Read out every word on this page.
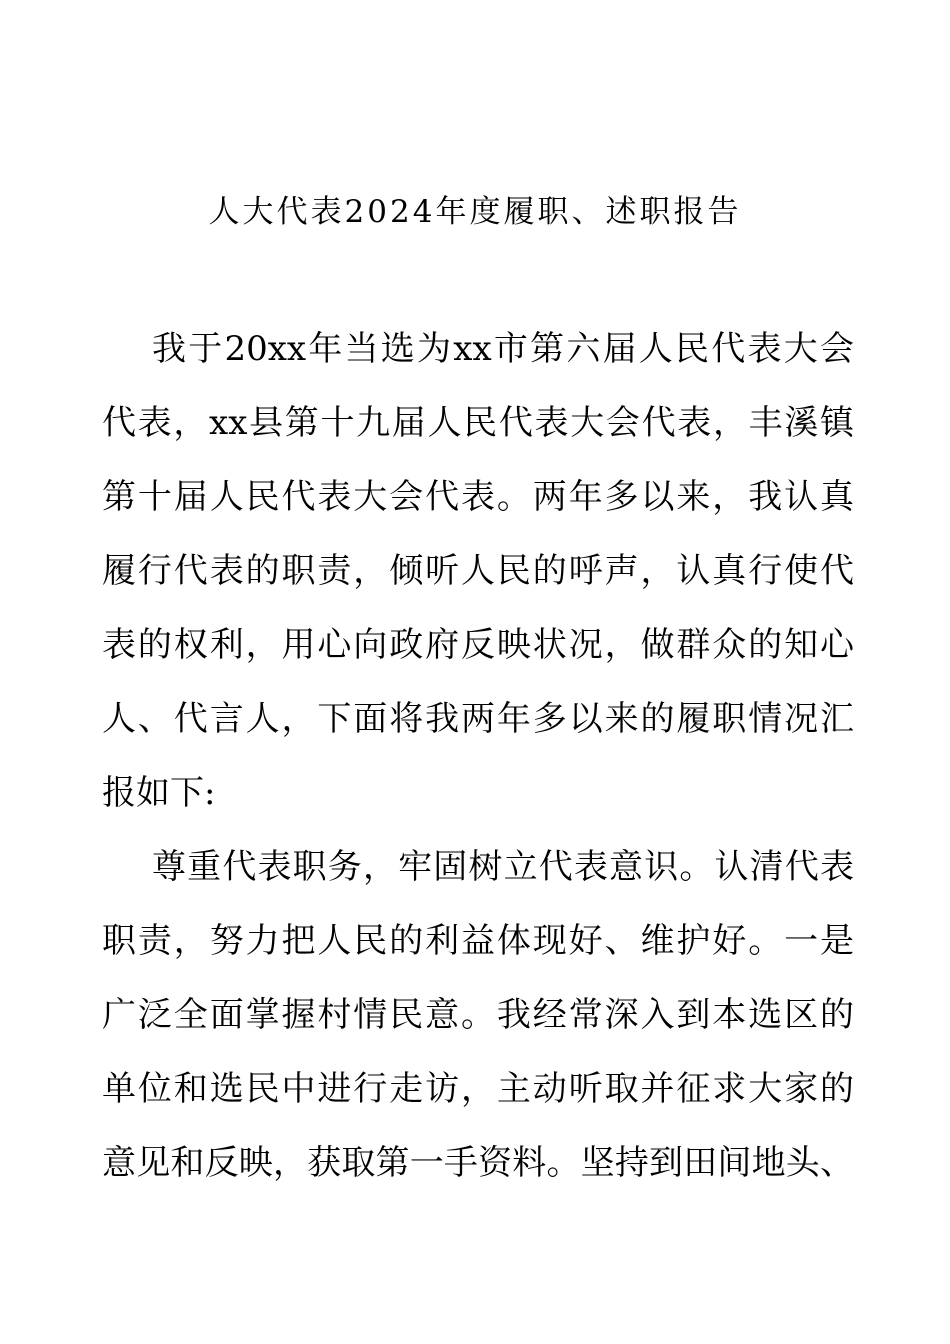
人大代表2024年度履职、述职报告
我于20xx年当选为xx市第六届人民代表大会
代表，xx县第十九届人民代表大会代表，丰溪镇
第十届人民代表大会代表。两年多以来，我认真
履行代表的职责，倾听人民的呼声，认真行使代
表的权利，用心向政府反映状况，做群众的知心
人、代言人，下面将我两年多以来的履职情况汇
报如下:
尊重代表职务，牢固树立代表意识。认清代表
职责，努力把人民的利益体现好、维护好。一是
广泛全面掌握村情民意。我经常深入到本选区的
单位和选民中进行走访，主动听取并征求大家的
意见和反映，获取第一手资料。坚持到田间地头、
